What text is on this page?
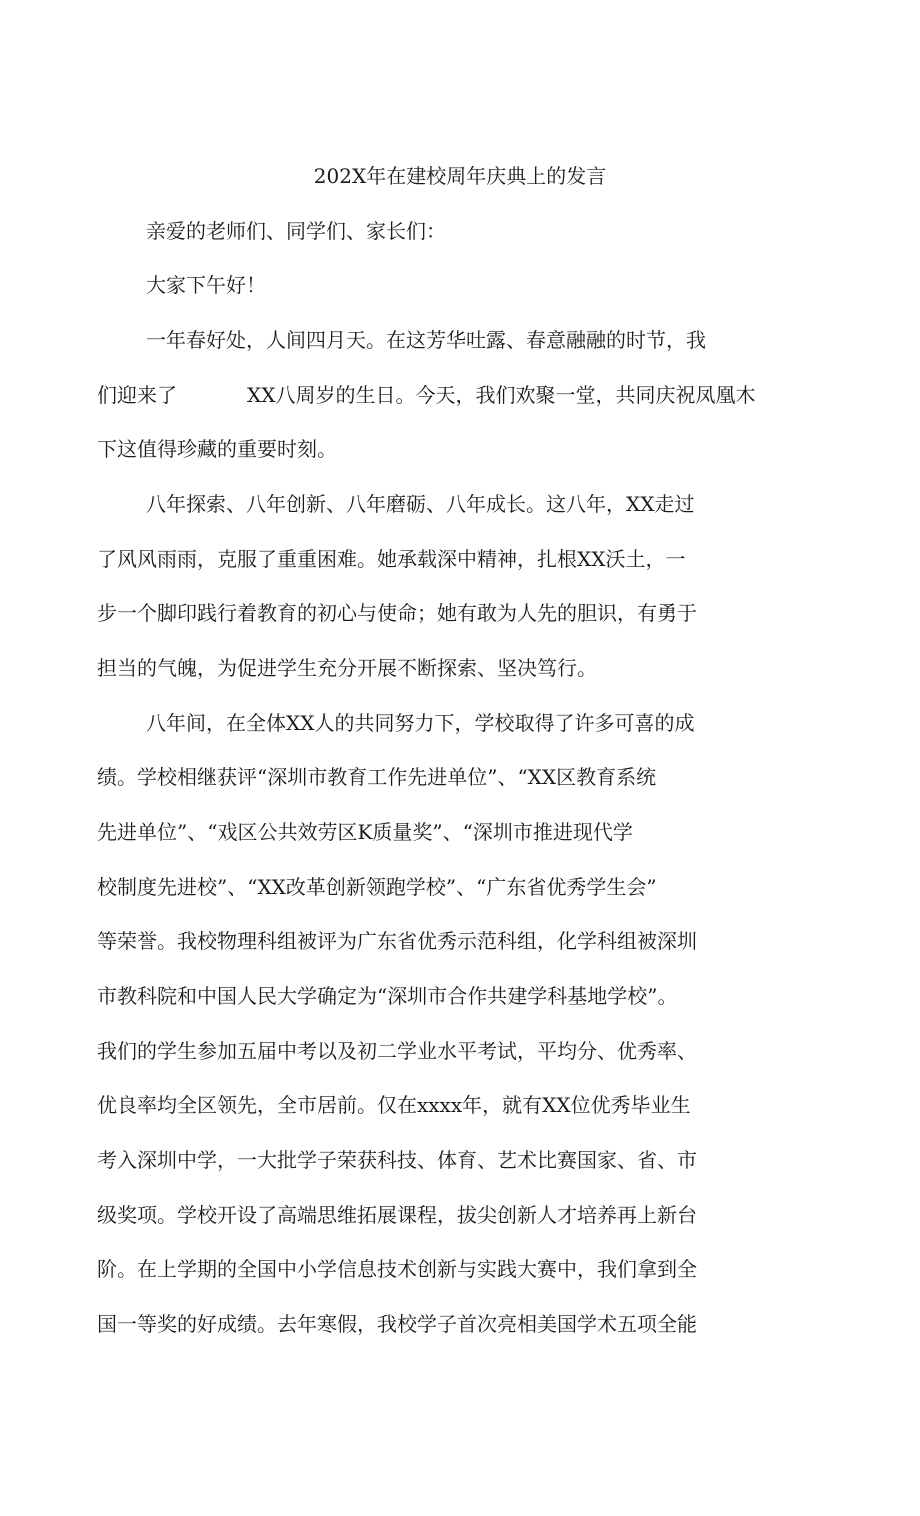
202X年在建校周年庆典上的发言
亲爱的老师们、同学们、家长们：
大家下午好！
一年春好处，人间四月天。在这芳华吐露、春意融融的时节，我
们迎来了	XX八周岁的生日。今天，我们欢聚一堂，共同庆祝凤凰木
下这值得珍藏的重要时刻。
八年探索、八年创新、八年磨砺、八年成长。这八年，XX走过
了风风雨雨，克服了重重困难。她承载深中精神，扎根XX沃土，一
步一个脚印践行着教育的初心与使命；她有敢为人先的胆识，有勇于
担当的气魄，为促进学生充分开展不断探索、坚决笃行。
八年间，在全体XX人的共同努力下，学校取得了许多可喜的成
绩。学校相继获评“深圳市教育工作先进单位”、“XX区教育系统
先进单位”、“戏区公共效劳区K质量奖”、“深圳市推进现代学
校制度先进校”、“XX改革创新领跑学校”、“广东省优秀学生会”
等荣誉。我校物理科组被评为广东省优秀示范科组，化学科组被深圳
市教科院和中国人民大学确定为“深圳市合作共建学科基地学校”。
我们的学生参加五届中考以及初二学业水平考试，平均分、优秀率、
优良率均全区领先，全市居前。仅在xxxx年，就有XX位优秀毕业生
考入深圳中学，一大批学子荣获科技、体育、艺术比赛国家、省、市
级奖项。学校开设了高端思维拓展课程，拔尖创新人才培养再上新台
阶。在上学期的全国中小学信息技术创新与实践大赛中，我们拿到全
国一等奖的好成绩。去年寒假，我校学子首次亮相美国学术五项全能
